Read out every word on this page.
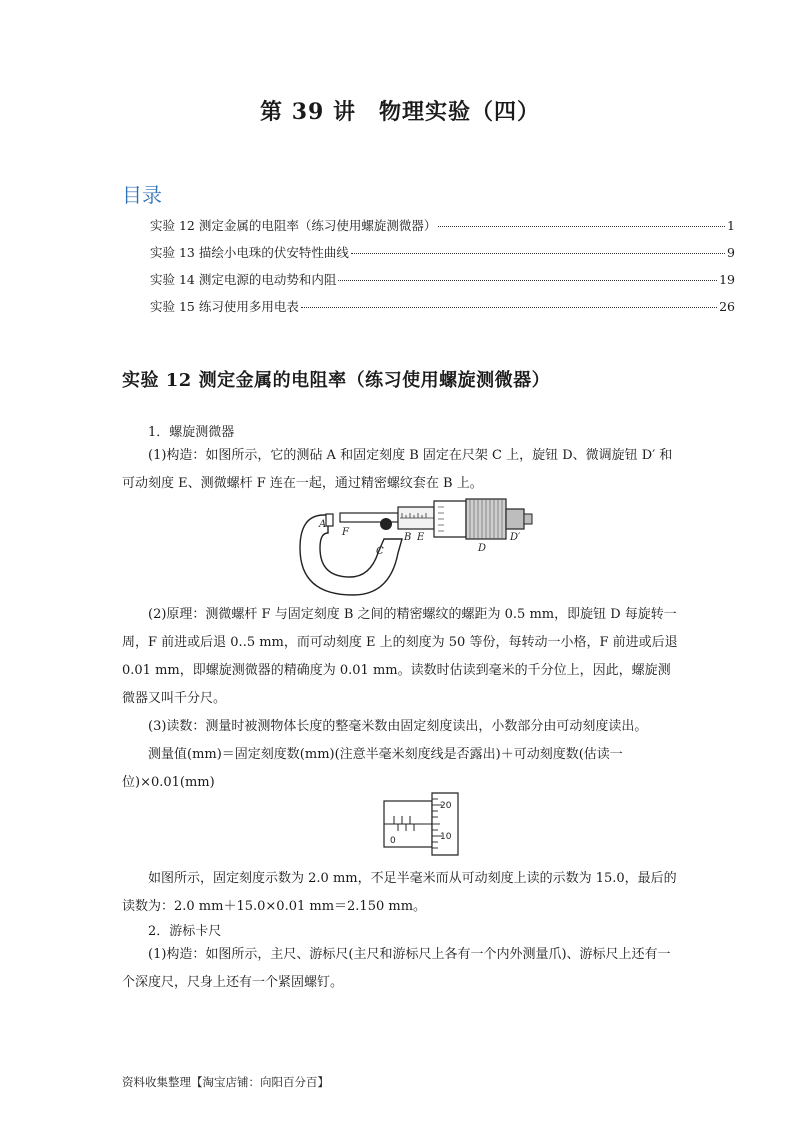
第 39 讲　物理实验（四）
目录
实验 12 测定金属的电阻率（练习使用螺旋测微器）	1
实验 13 描绘小电珠的伏安特性曲线	9
实验 14 测定电源的电动势和内阻	19
实验 15 练习使用多用电表	26
实验 12 测定金属的电阻率（练习使用螺旋测微器）

1．螺旋测微器

(1)构造：如图所示，它的测砧 A 和固定刻度 B 固定在尺架 C 上，旋钮 D、微调旋钮 D′ 和可动刻度 E、测微螺杆 F 连在一起，通过精密螺纹套在 B 上。

A
F
C
B E
D
D′

(2)原理：测微螺杆 F 与固定刻度 B 之间的精密螺纹的螺距为 0.5 mm，即旋钮 D 每旋转一周，F 前进或后退 0..5 mm，而可动刻度 E 上的刻度为 50 等份，每转动一小格，F 前进或后退 0.01 mm，即螺旋测微器的精确度为 0.01 mm。读数时估读到毫米的千分位上，因此，螺旋测微器又叫千分尺。

(3)读数：测量时被测物体长度的整毫米数由固定刻度读出，小数部分由可动刻度读出。

测量值(mm)＝固定刻度数(mm)(注意半毫米刻度线是否露出)＋可动刻度数(估读一位)×0.01(mm)

20
10
0

如图所示，固定刻度示数为 2.0 mm，不足半毫米而从可动刻度上读的示数为 15.0，最后的读数为：2.0 mm＋15.0×0.01 mm＝2.150 mm。

2．游标卡尺

(1)构造：如图所示，主尺、游标尺(主尺和游标尺上各有一个内外测量爪)、游标尺上还有一个深度尺，尺身上还有一个紧固螺钉。

资料收集整理【淘宝店铺：向阳百分百】
